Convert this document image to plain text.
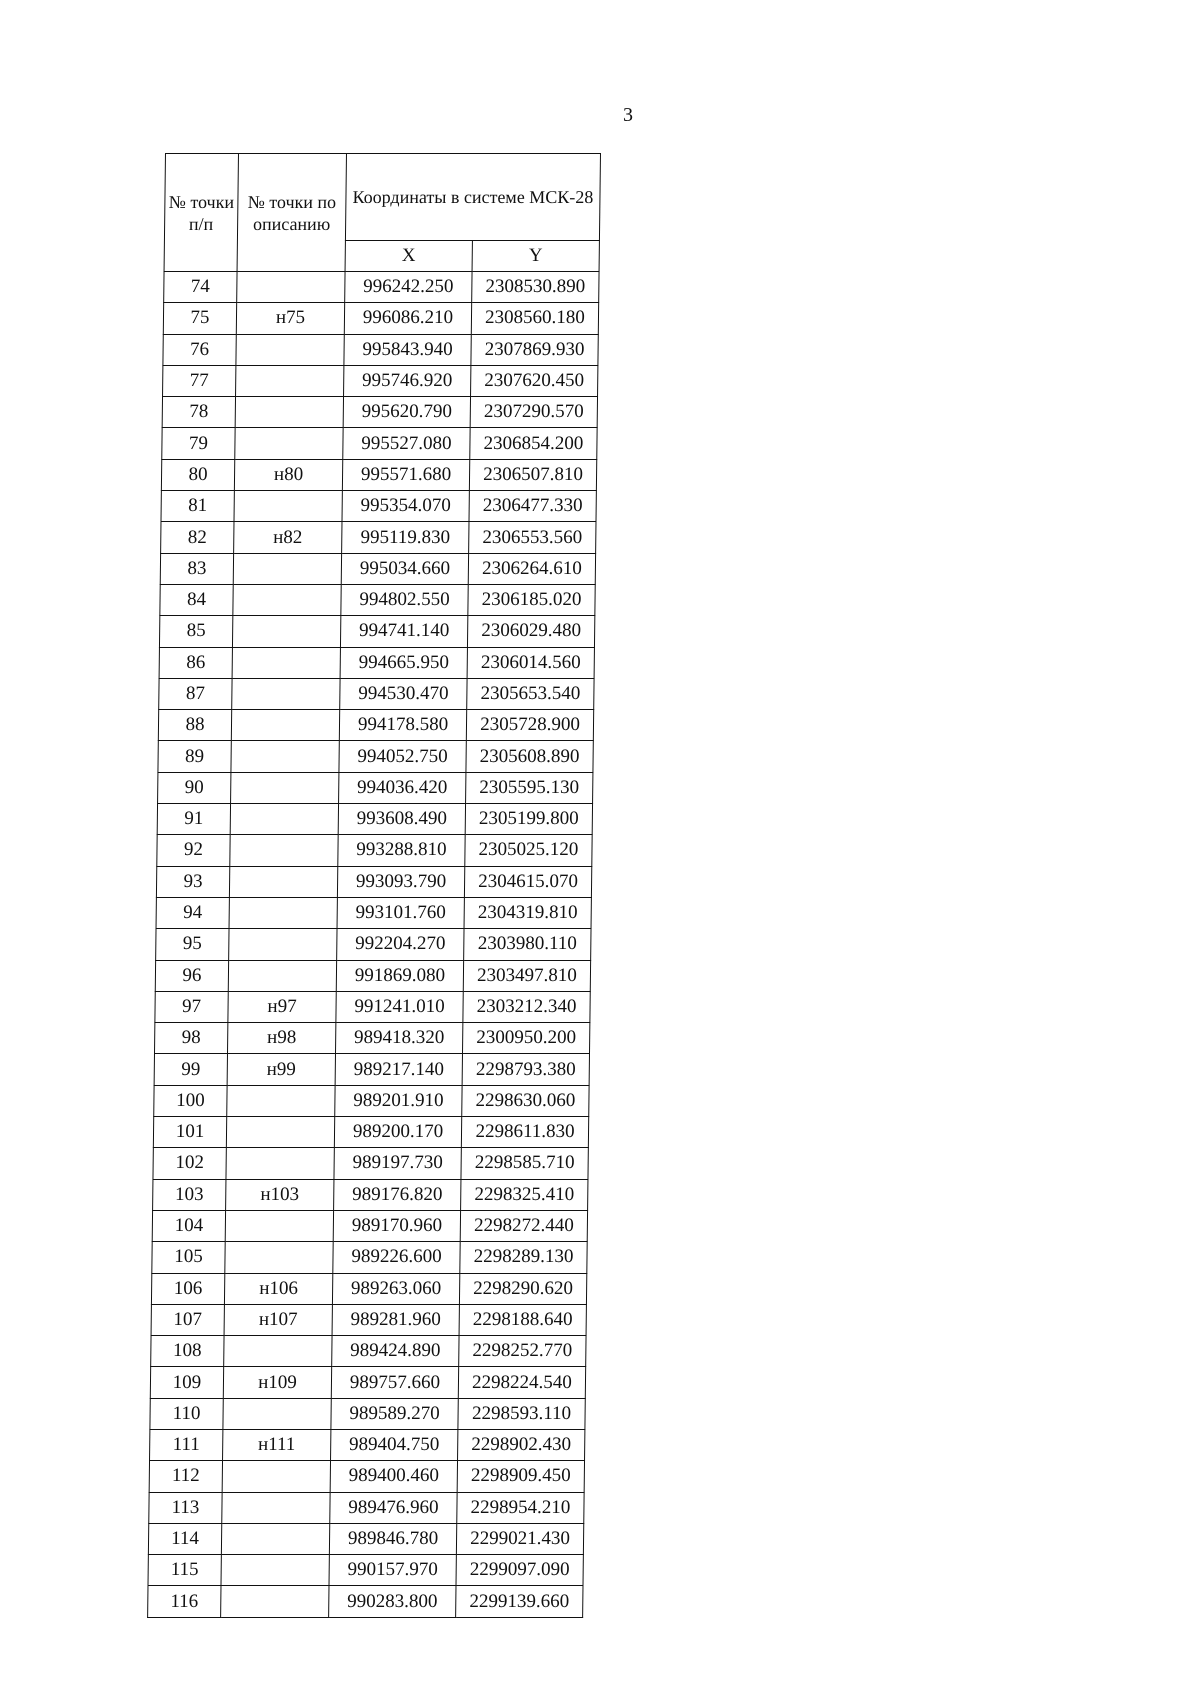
3
№ точки п/п	№ точки по описанию	Координаты в системе МСК-28	
		X	Y
74		996242.250	2308530.890
75	н75	996086.210	2308560.180
76		995843.940	2307869.930
77		995746.920	2307620.450
78		995620.790	2307290.570
79		995527.080	2306854.200
80	н80	995571.680	2306507.810
81		995354.070	2306477.330
82	н82	995119.830	2306553.560
83		995034.660	2306264.610
84		994802.550	2306185.020
85		994741.140	2306029.480
86		994665.950	2306014.560
87		994530.470	2305653.540
88		994178.580	2305728.900
89		994052.750	2305608.890
90		994036.420	2305595.130
91		993608.490	2305199.800
92		993288.810	2305025.120
93		993093.790	2304615.070
94		993101.760	2304319.810
95		992204.270	2303980.110
96		991869.080	2303497.810
97	н97	991241.010	2303212.340
98	н98	989418.320	2300950.200
99	н99	989217.140	2298793.380
100		989201.910	2298630.060
101		989200.170	2298611.830
102		989197.730	2298585.710
103	н103	989176.820	2298325.410
104		989170.960	2298272.440
105		989226.600	2298289.130
106	н106	989263.060	2298290.620
107	н107	989281.960	2298188.640
108		989424.890	2298252.770
109	н109	989757.660	2298224.540
110		989589.270	2298593.110
111	н111	989404.750	2298902.430
112		989400.460	2298909.450
113		989476.960	2298954.210
114		989846.780	2299021.430
115		990157.970	2299097.090
116		990283.800	2299139.660
